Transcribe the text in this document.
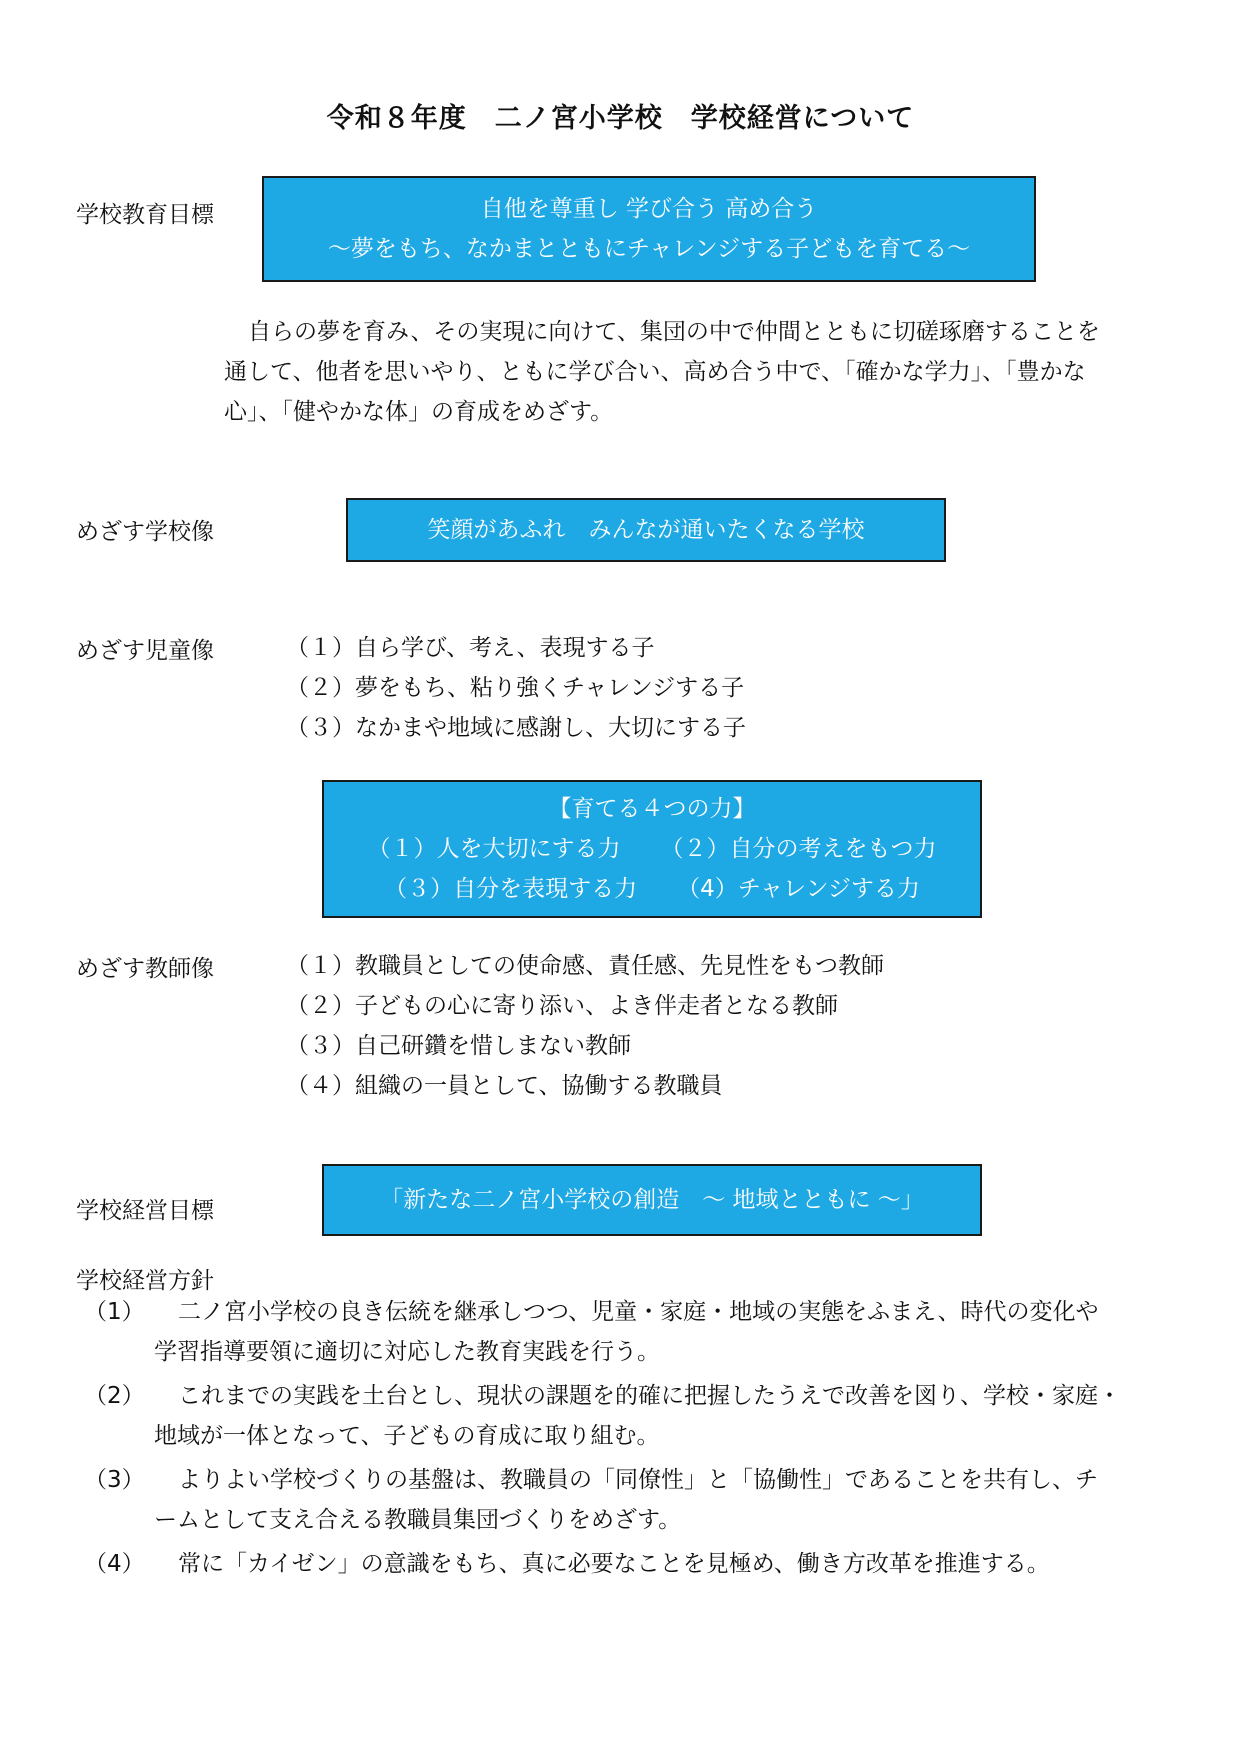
令和８年度　二ノ宮小学校　学校経営について
学校教育目標	自他を尊重し 学び合う 高め合う
～夢をもち、なかまとともにチャレンジする子どもを育てる～
自らの夢を育み、その実現に向けて、集団の中で仲間とともに切磋琢磨することを
通して、他者を思いやり、ともに学び合い、高め合う中で、「確かな学力」、「豊かな
心」、「健やかな体」の育成をめざす。
めざす学校像	笑顔があふれ　みんなが通いたくなる学校
めざす児童像	（１）自ら学び、考え、表現する子
（２）夢をもち、粘り強くチャレンジする子
（３）なかまや地域に感謝し、大切にする子
【育てる４つの力】
（１）人を大切にする力 （２）自分の考えをもつ力
（３）自分を表現する力 （4）チャレンジする力
めざす教師像	（１）教職員としての使命感、責任感、先見性をもつ教師
（２）子どもの心に寄り添い、よき伴走者となる教師
（３）自己研鑽を惜しまない教師
（４）組織の一員として、協働する教職員
学校経営目標	「新たな二ノ宮小学校の創造　～ 地域とともに ～」
学校経営方針
（1）	二ノ宮小学校の良き伝統を継承しつつ、児童・家庭・地域の実態をふまえ、時代の変化や
学習指導要領に適切に対応した教育実践を行う。
（2）	これまでの実践を土台とし、現状の課題を的確に把握したうえで改善を図り、学校・家庭・
地域が一体となって、子どもの育成に取り組む。
（3）	よりよい学校づくりの基盤は、教職員の「同僚性」と「協働性」であることを共有し、チ
ームとして支え合える教職員集団づくりをめざす。
（4）	常に「カイゼン」の意識をもち、真に必要なことを見極め、働き方改革を推進する。
